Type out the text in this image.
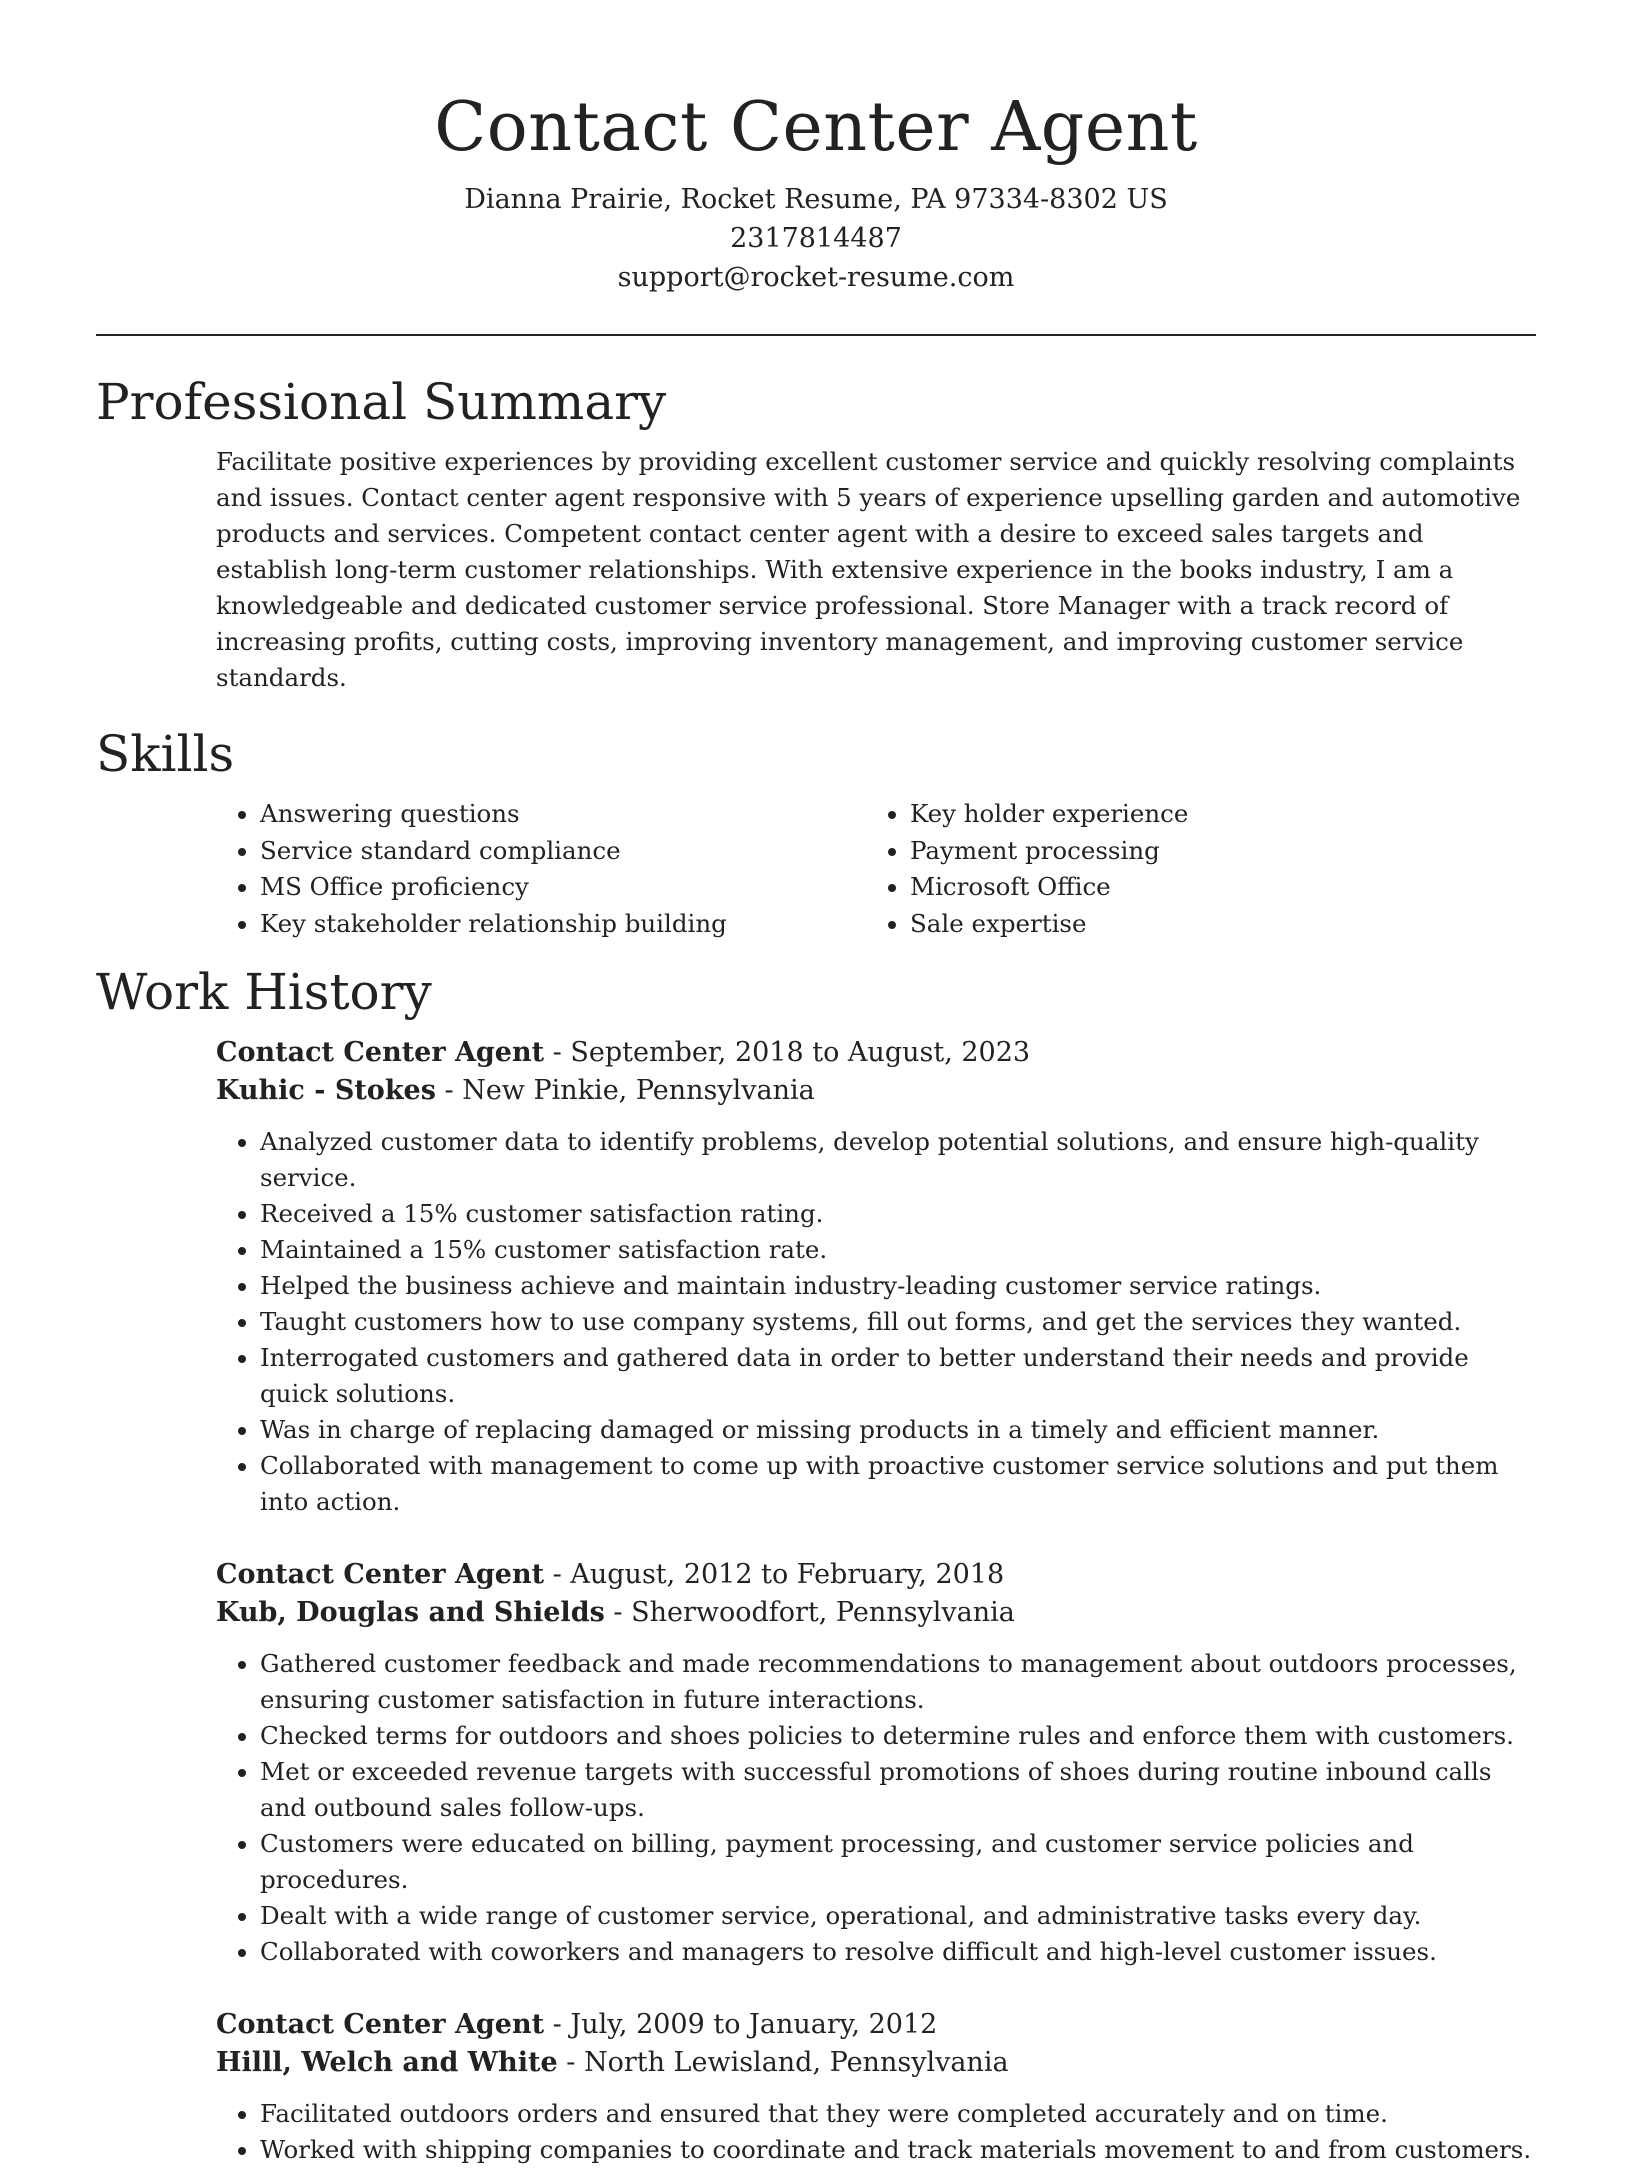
Contact Center Agent

Dianna Prairie, Rocket Resume, PA 97334-8302 US

2317814487

support@rocket-resume.com

Professional Summary

Facilitate positive experiences by providing excellent customer service and quickly resolving complaints and issues. Contact center agent responsive with 5 years of experience upselling garden and automotive products and services. Competent contact center agent with a desire to exceed sales targets and establish long-term customer relationships. With extensive experience in the books industry, I am a knowledgeable and dedicated customer service professional. Store Manager with a track record of increasing profits, cutting costs, improving inventory management, and improving customer service standards.

Skills
• Answering questions
• Service standard compliance
• MS Office proficiency
• Key stakeholder relationship building
• Key holder experience
• Payment processing
• Microsoft Office
• Sale expertise
Work History

Contact Center Agent - September, 2018 to August, 2023

Kuhic - Stokes - New Pinkie, Pennsylvania

• Analyzed customer data to identify problems, develop potential solutions, and ensure high-quality service.
• Received a 15% customer satisfaction rating.
• Maintained a 15% customer satisfaction rate.
• Helped the business achieve and maintain industry-leading customer service ratings.
• Taught customers how to use company systems, fill out forms, and get the services they wanted.
• Interrogated customers and gathered data in order to better understand their needs and provide quick solutions.
• Was in charge of replacing damaged or missing products in a timely and efficient manner.
• Collaborated with management to come up with proactive customer service solutions and put them into action.

Contact Center Agent - August, 2012 to February, 2018

Kub, Douglas and Shields - Sherwoodfort, Pennsylvania

• Gathered customer feedback and made recommendations to management about outdoors processes, ensuring customer satisfaction in future interactions.
• Checked terms for outdoors and shoes policies to determine rules and enforce them with customers.
• Met or exceeded revenue targets with successful promotions of shoes during routine inbound calls and outbound sales follow-ups.
• Customers were educated on billing, payment processing, and customer service policies and procedures.
• Dealt with a wide range of customer service, operational, and administrative tasks every day.
• Collaborated with coworkers and managers to resolve difficult and high-level customer issues.

Contact Center Agent - July, 2009 to January, 2012

Hilll, Welch and White - North Lewisland, Pennsylvania

• Facilitated outdoors orders and ensured that they were completed accurately and on time.
• Worked with shipping companies to coordinate and track materials movement to and from customers.
